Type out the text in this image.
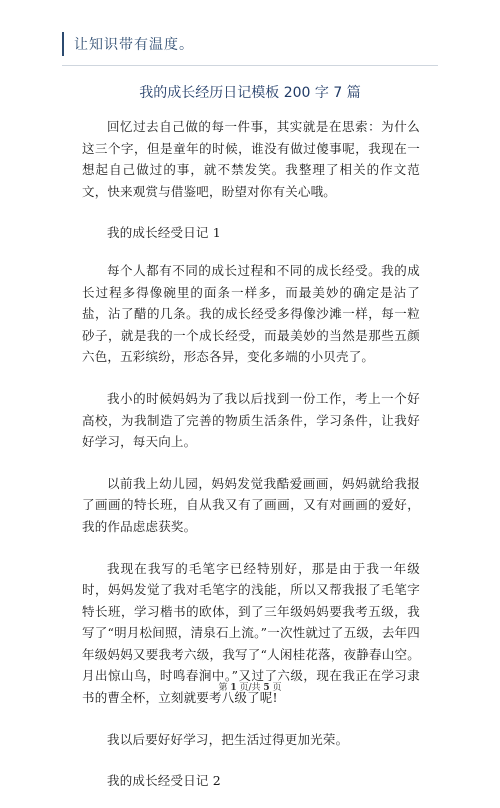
让知识带有温度。
我的成长经历日记模板 200 字 7 篇

回忆过去自己做的每一件事，其实就是在思索：为什么这三个字，但是童年的时候，谁没有做过傻事呢，我现在一想起自己做过的事，就不禁发笑。我整理了相关的作文范文，快来观赏与借鉴吧，盼望对你有关心哦。

我的成长经受日记 1

每个人都有不同的成长过程和不同的成长经受。我的成长过程多得像碗里的面条一样多，而最美妙的确定是沾了盐，沾了醋的几条。我的成长经受多得像沙滩一样，每一粒砂子，就是我的一个成长经受，而最美妙的当然是那些五颜六色，五彩缤纷，形态各异，变化多端的小贝壳了。

我小的时候妈妈为了我以后找到一份工作，考上一个好高校，为我制造了完善的物质生活条件，学习条件，让我好好学习，每天向上。

以前我上幼儿园，妈妈发觉我酷爱画画，妈妈就给我报了画画的特长班，自从我又有了画画，又有对画画的爱好，我的作品虑虑获奖。

我现在我写的毛笔字已经特别好，那是由于我一年级时，妈妈发觉了我对毛笔字的浅能，所以又帮我报了毛笔字特长班，学习楷书的欧体，到了三年级妈妈要我考五级，我写了“明月松间照，清泉石上流。”一次性就过了五级，去年四年级妈妈又要我考六级，我写了“人闲桂花落，夜静春山空。月出惊山鸟，时鸣春涧中。”又过了六级，现在我正在学习隶书的曹全杯，立刻就要考八级了呢!

我以后要好好学习，把生活过得更加光荣。

我的成长经受日记 2

第 1 页/共 5 页
